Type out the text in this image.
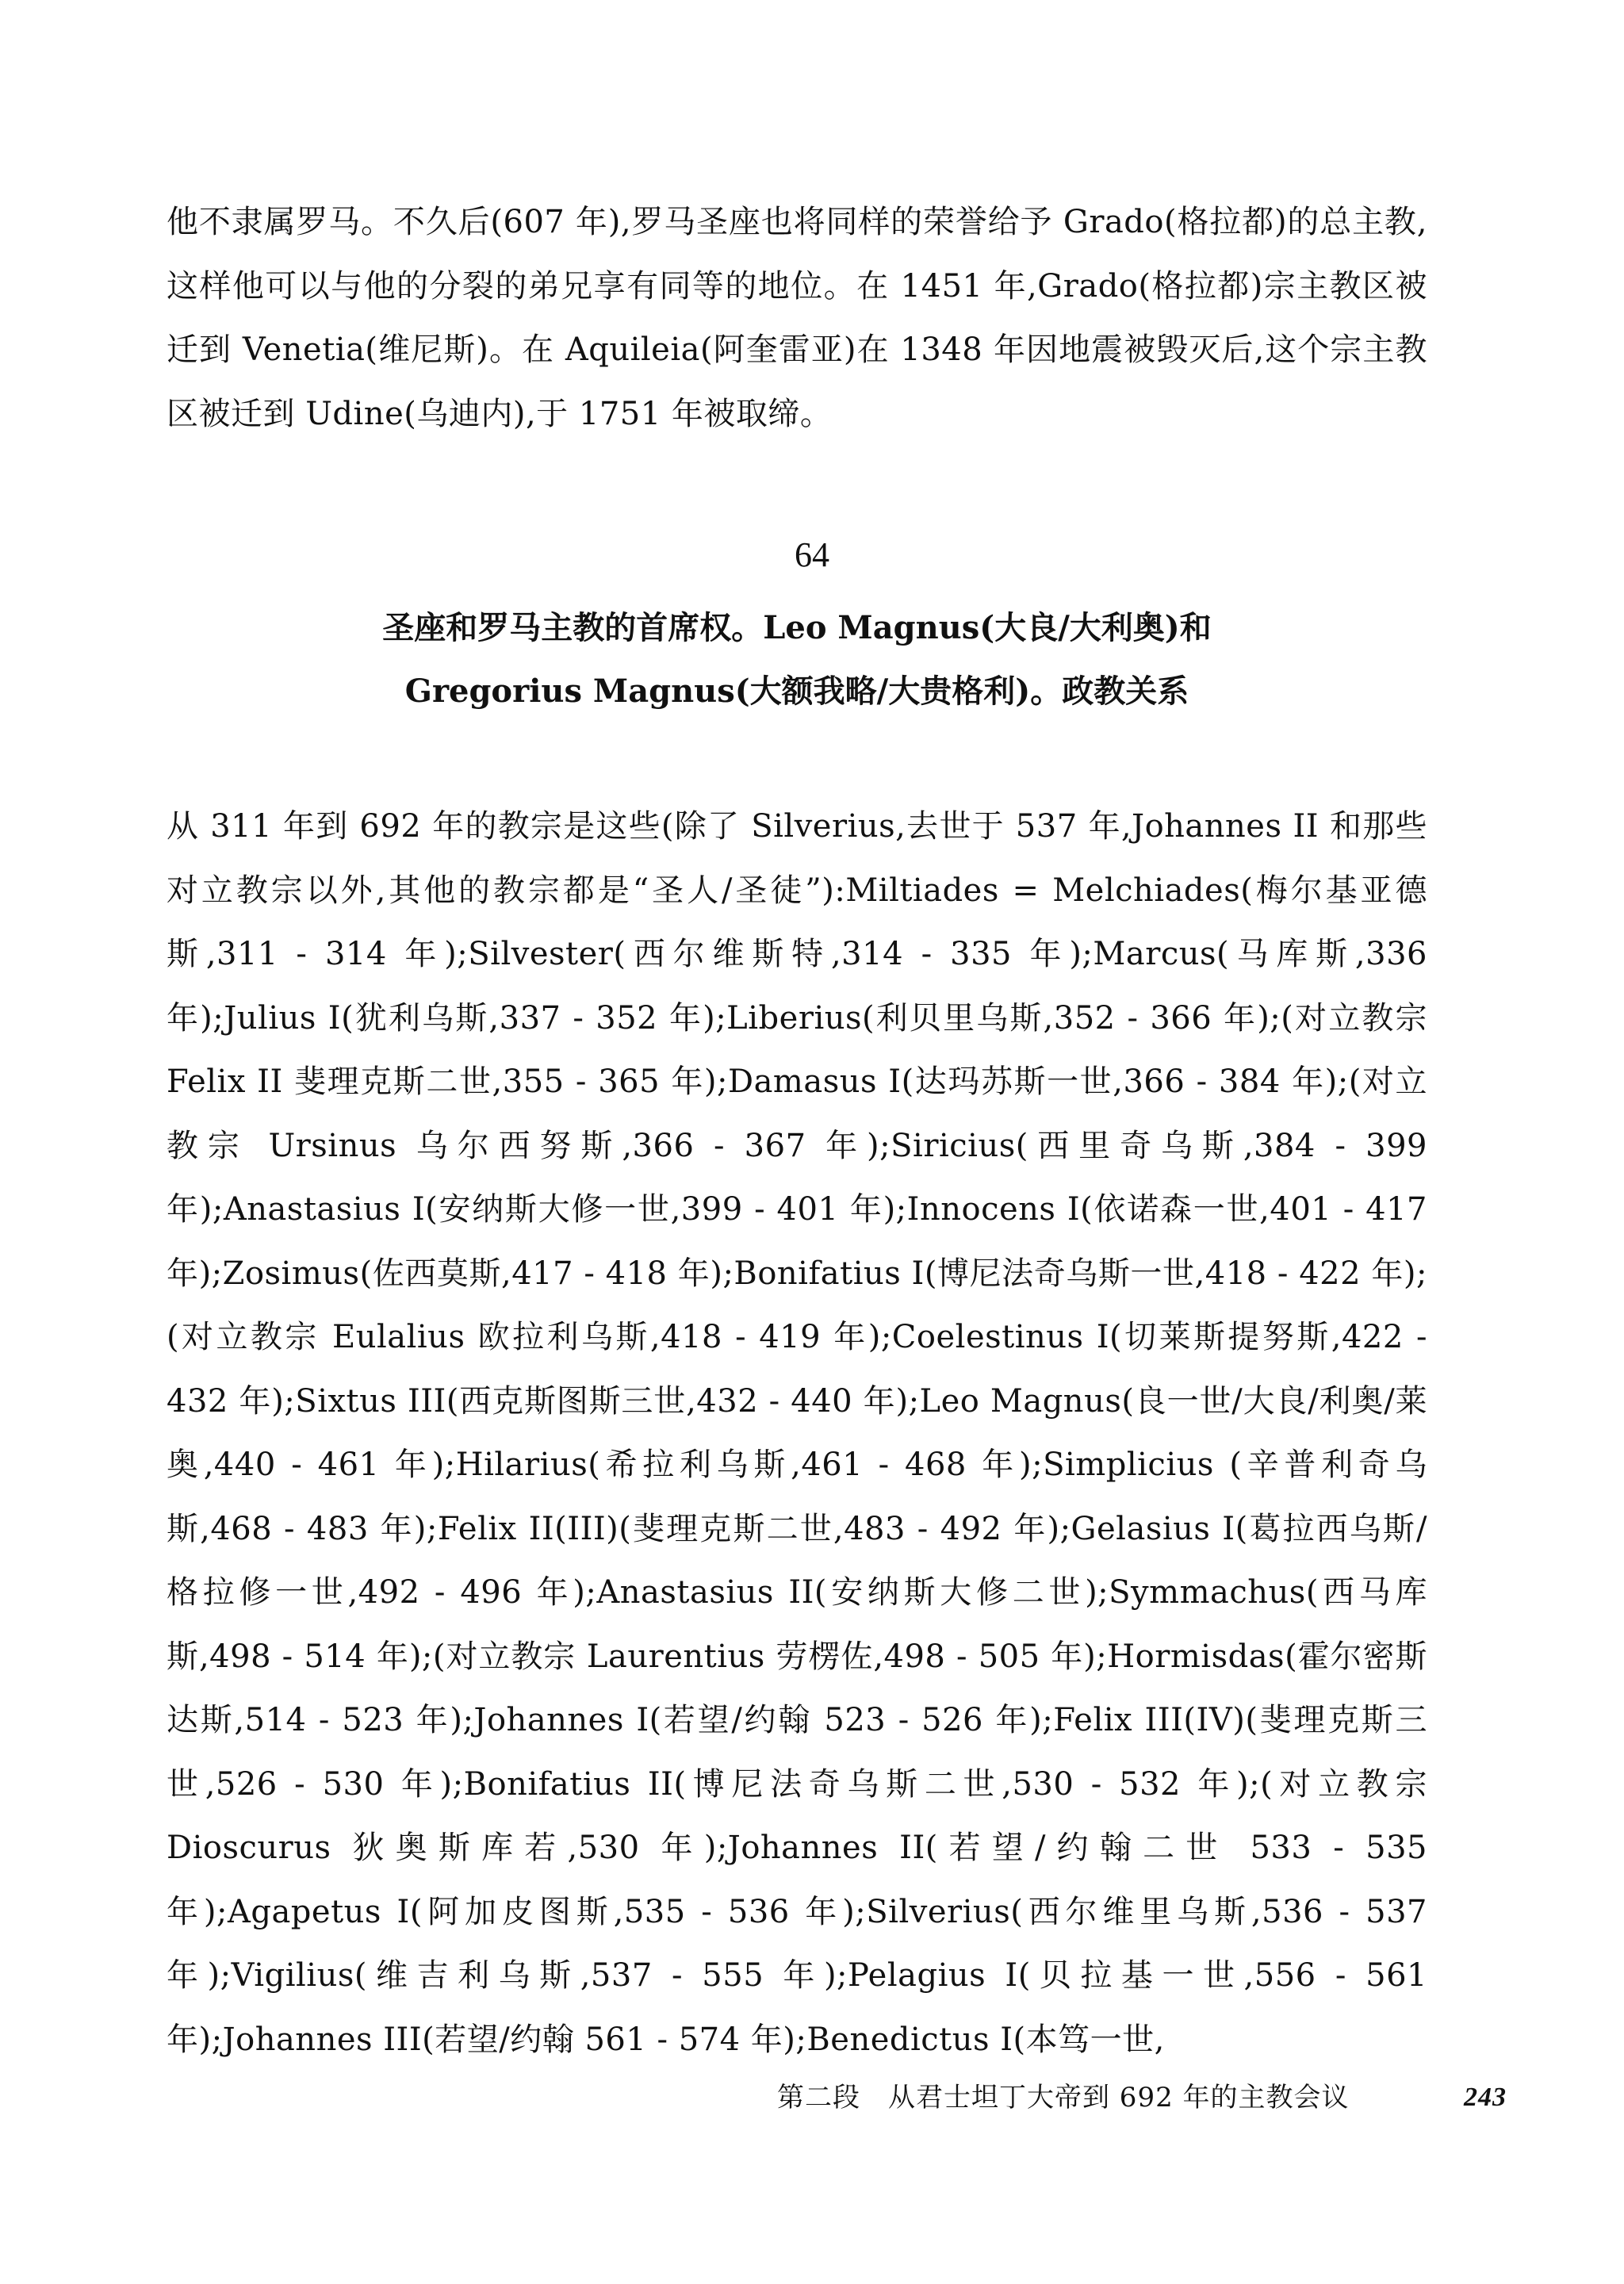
他不隶属罗马。不久后(607 年),罗马圣座也将同样的荣誉给予 Grado(格拉都)的总主教,这样他可以与他的分裂的弟兄享有同等的地位。在 1451 年,Grado(格拉都)宗主教区被迁到 Venetia(维尼斯)。在 Aquileia(阿奎雷亚)在 1348 年因地震被毁灭后,这个宗主教区被迁到 Udine(乌迪内),于 1751 年被取缔。

64
圣座和罗马主教的首席权。Leo Magnus(大良/大利奥)和
Gregorius Magnus(大额我略/大贵格利)。政教关系

从 311 年到 692 年的教宗是这些(除了 Silverius,去世于 537 年,Johannes II 和那些对立教宗以外,其他的教宗都是“圣人/圣徒”):Miltiades = Melchiades(梅尔基亚德斯,311 - 314 年);Silvester(西尔维斯特,314 - 335 年);Marcus(马库斯,336 年);Julius I(犹利乌斯,337 - 352 年);Liberius(利贝里乌斯,352 - 366 年);(对立教宗 Felix II 斐理克斯二世,355 - 365 年);Damasus I(达玛苏斯一世,366 - 384 年);(对立教宗 Ursinus 乌尔西努斯,366 - 367 年);Siricius(西里奇乌斯,384 - 399 年);Anastasius I(安纳斯大修一世,399 - 401 年);Innocens I(依诺森一世,401 - 417年);Zosimus(佐西莫斯,417 - 418 年);Bonifatius I(博尼法奇乌斯一世,418 - 422 年);(对立教宗 Eulalius 欧拉利乌斯,418 - 419 年);Coelestinus I(切莱斯提努斯,422 - 432 年);Sixtus III(西克斯图斯三世,432 - 440 年);Leo Magnus(良一世/大良/利奥/莱奥,440 - 461 年);Hilarius(希拉利乌斯,461 - 468 年);Simplicius (辛普利奇乌斯,468 - 483 年);Felix II(III)(斐理克斯二世,483 - 492 年);Gelasius I(葛拉西乌斯/格拉修一世,492 - 496 年);Anastasius II(安纳斯大修二世);Symmachus(西马库斯,498 - 514 年);(对立教宗 Laurentius 劳楞佐,498 - 505 年);Hormisdas(霍尔密斯达斯,514 - 523 年);Johannes I(若望/约翰 523 - 526 年);Felix III(IV)(斐理克斯三世,526 - 530 年);Bonifatius II(博尼法奇乌斯二世,530 - 532 年);(对立教宗 Dioscurus 狄奥斯库若,530 年);Johannes II(若望/约翰二世 533 - 535 年);Agapetus I(阿加皮图斯,535 - 536 年);Silverius(西尔维里乌斯,536 - 537 年);Vigilius(维吉利乌斯,537 - 555 年);Pelagius I(贝拉基一世,556 - 561年);Johannes III(若望/约翰 561 - 574 年);Benedictus I(本笃一世,

第二段　从君士坦丁大帝到 692 年的主教会议	243
